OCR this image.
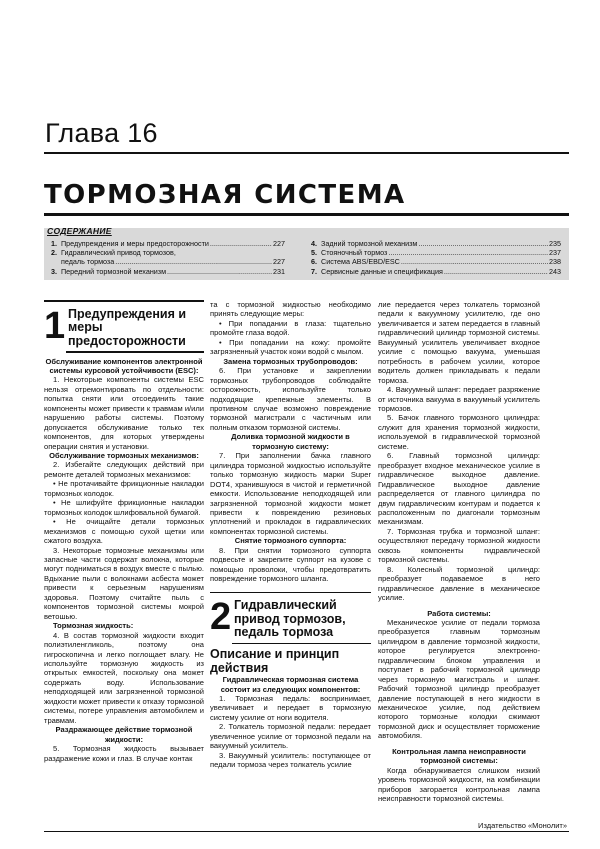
Глава 16
ТОРМОЗНАЯ СИСТЕМА
СОДЕРЖАНИЕ
1. Предупреждения и меры предосторожности .....	227
2. Гидравлический привод тормозов,
педаль тормоза .....	227
3. Передний тормозной механизм .....	231
4. Задний тормозной механизм .....	235
5. Стояночный тормоз .....	237
6. Система ABS/EBD/ESC .....	238
7. Сервисные данные и спецификация .....	243
1 Предупреждения и меры предосторожности

Обслуживание компонентов электронной системы курсовой устойчивости (ESC):

1. Некоторые компоненты системы ESC нельзя отремонтировать по отдельности: попытка сняти или отсоединить такие компоненты может привести к травмам и/или нарушению работы системы. Поэтому допускается обслуживание только тех компонентов, для которых утверждены операции снятия и установки.

Обслуживание тормозных механизмов:

2. Избегайте следующих действий при ремонте деталей тормозных механизмов:

• Не протачивайте фрикционные накладки тормозных колодок.

• Не шлифуйте фрикционные накладки тормозных колодок шлифовальной бумагой.

• Не очищайте детали тормозных механизмов с помощью сухой щетки или сжатого воздуха.

3. Некоторые тормозные механизмы или запасные части содержат волокна, которые могут подниматься в воздух вместе с пылью. Вдыхание пыли с волокнами асбеста может привести к серьезным нарушениям здоровья. Поэтому считайте пыль с компонентов тормозной системы мокрой ветошью.

Тормозная жидкость:

4. В состав тормозной жидкости входит полиэтиленгликоль, поэтому она гигроскопична и легко поглощает влагу. Не используйте тормозную жидкость из открытых емкостей, поскольку она может содержать воду. Использование неподходящей или загрязненной тормозной жидкости может привести к отказу тормозной системы, потере управления автомобилем и травмам.

Раздражающее действие тормозной жидкости:

5. Тормозная жидкость вызывает раздражение кожи и глаз. В случае контак

та с тормозной жидкостью необходимо принять следующие меры:

• При попадании в глаза: тщательно промойте глаза водой.

• При попадании на кожу: промойте загрязненный участок кожи водой с мылом.

Замена тормозных трубопроводов:

6. При установке и закреплении тормозных трубопроводов соблюдайте осторожность, используйте только подходящие крепежные элементы. В противном случае возможно повреждение тормозной магистрали с частичным или полным отказом тормозной системы.

Доливка тормозной жидкости в тормозную систему:

7. При заполнении бачка главного цилиндра тормозной жидкостью используйте только тормозную жидкость марки Super DOT4, хранившуюся в чистой и герметичной емкости. Использование неподходящей или загрязненной тормозной жидкости может привести к повреждению резиновых уплотнений и прокладок в гидравлических компонентах тормозной системы.

Снятие тормозного суппорта:

8. При снятии тормозного суппорта подвесьте и закрепите суппорт на кузове с помощью проволоки, чтобы предотвратить повреждение тормозного шланга.

2 Гидравлический привод тормозов, педаль тормоза

Описание и принцип действия

Гидравлическая тормозная система состоит из следующих компонентов:

1. Тормозная педаль: воспринимает, увеличивает и передает в тормозную систему усилие от ноги водителя.

2. Толкатель тормозной педали: передает увеличенное усилие от тормозной педали на вакуумный усилитель.

3. Вакуумный усилитель: поступающее от педали тормоза через толкатель усилие

лие передается через толкатель тормозной педали к вакуумному усилителю, где оно увеличивается и затем передается в главный гидравлический цилиндр тормозной системы. Вакуумный усилитель увеличивает входное усилие с помощью вакуума, уменьшая потребность в рабочем усилии, которое водитель должен прикладывать к педали тормоза.

4. Вакуумный шланг: передает разряжение от источника вакуума в вакуумный усилитель тормозов.

5. Бачок главного тормозного цилиндра: служит для хранения тормозной жидкости, используемой в гидравлической тормозной системе.

6. Главный тормозной цилиндр: преобразует входное механическое усилие в гидравлическое выходное давление. Гидравлическое выходное давление распределяется от главного цилиндра по двум гидравлическим контурам и подается к расположенным по диагонали тормозным механизмам.

7. Тормозная трубка и тормозной шланг: осуществляют передачу тормозной жидкости сквозь компоненты гидравлической тормозной системы.

8. Колесный тормозной цилиндр: преобразует подаваемое в него гидравлическое давление в механическое усилие.

Работа системы:

Механическое усилие от педали тормоза преобразуется главным тормозным цилиндром в давление тормозной жидкости, которое регулируется электронно-гидравлическим блоком управления и поступает в рабочий тормозной цилиндр через тормозную магистраль и шланг. Рабочий тормозной цилиндр преобразует давление поступающей в него жидкости в механическое усилие, под действием которого тормозные колодки сжимают тормозной диск и осуществляет торможение автомобиля.

Контрольная лампа неисправности тормозной системы:

Когда обнаруживается слишком низкий уровень тормозной жидкости, на комбинации приборов загорается контрольная лампа неисправности тормозной системы.

Издательство «Монолит»
